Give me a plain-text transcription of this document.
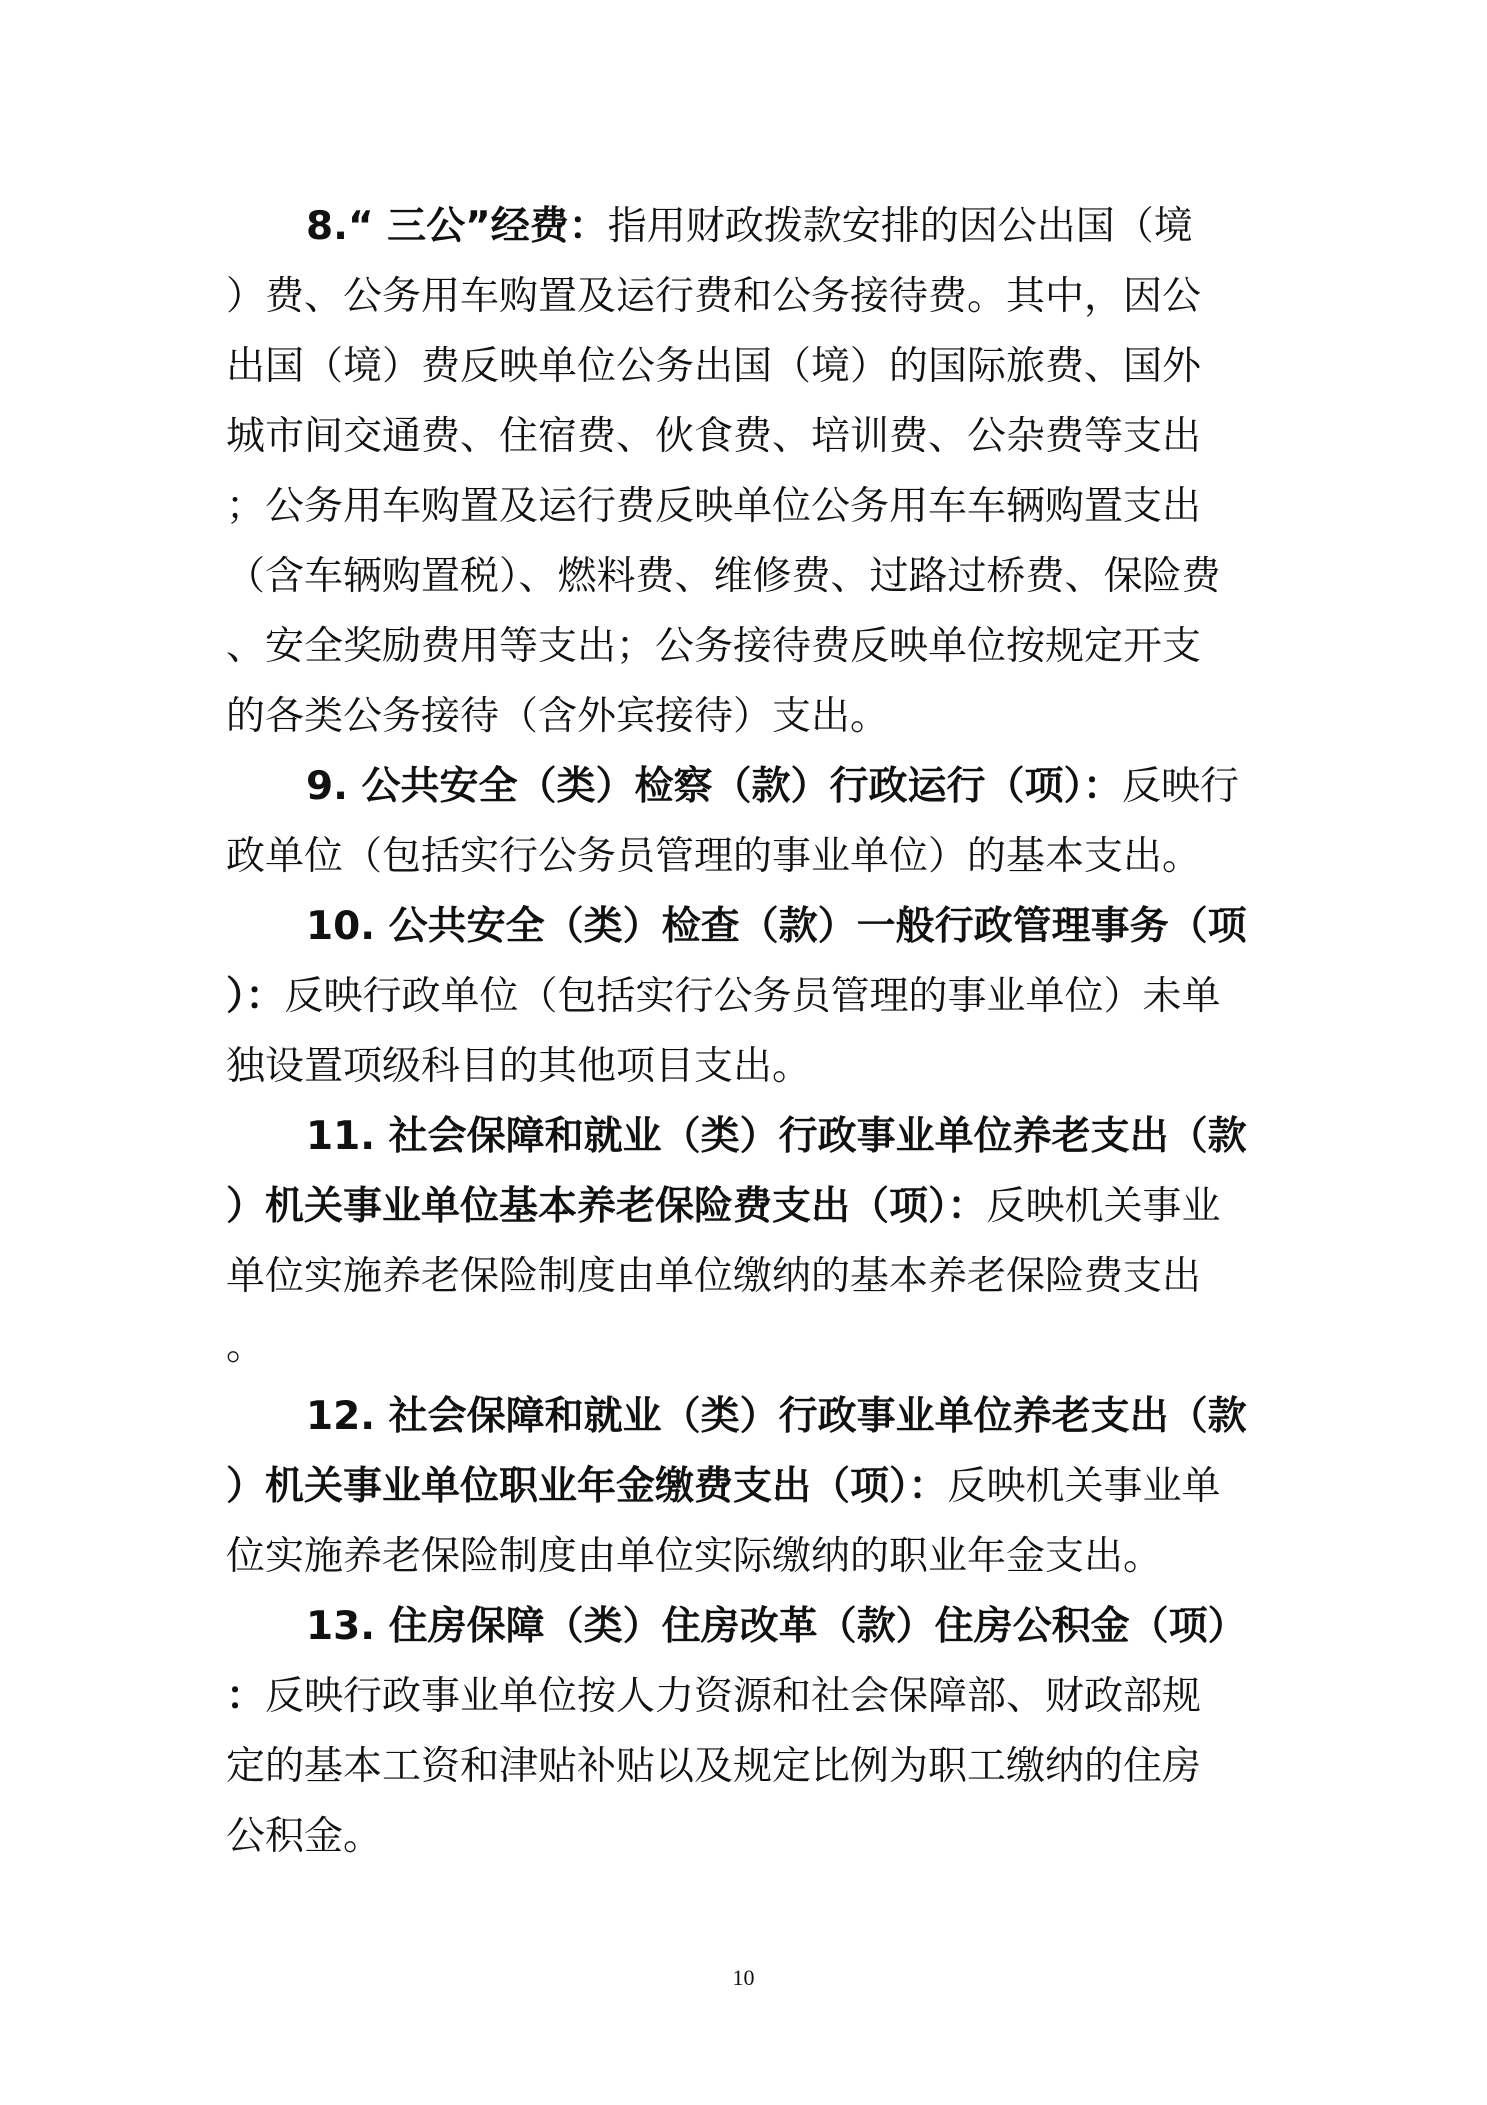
8.“ 三公”经费：指用财政拨款安排的因公出国（境
）费、公务用车购置及运行费和公务接待费。其中，因公
出国（境）费反映单位公务出国（境）的国际旅费、国外
城市间交通费、住宿费、伙食费、培训费、公杂费等支出
；公务用车购置及运行费反映单位公务用车车辆购置支出
（含车辆购置税）、燃料费、维修费、过路过桥费、保险费
、安全奖励费用等支出；公务接待费反映单位按规定开支
的各类公务接待（含外宾接待）支出。
9. 公共安全（类）检察（款）行政运行（项）：反映行
政单位（包括实行公务员管理的事业单位）的基本支出。
10. 公共安全（类）检查（款）一般行政管理事务（项
）：反映行政单位（包括实行公务员管理的事业单位）未单
独设置项级科目的其他项目支出。
11. 社会保障和就业（类）行政事业单位养老支出（款
）机关事业单位基本养老保险费支出（项）：反映机关事业
单位实施养老保险制度由单位缴纳的基本养老保险费支出
。
12. 社会保障和就业（类）行政事业单位养老支出（款
）机关事业单位职业年金缴费支出（项）：反映机关事业单
位实施养老保险制度由单位实际缴纳的职业年金支出。
13. 住房保障（类）住房改革（款）住房公积金（项）
：反映行政事业单位按人力资源和社会保障部、财政部规
定的基本工资和津贴补贴以及规定比例为职工缴纳的住房
公积金。
10
